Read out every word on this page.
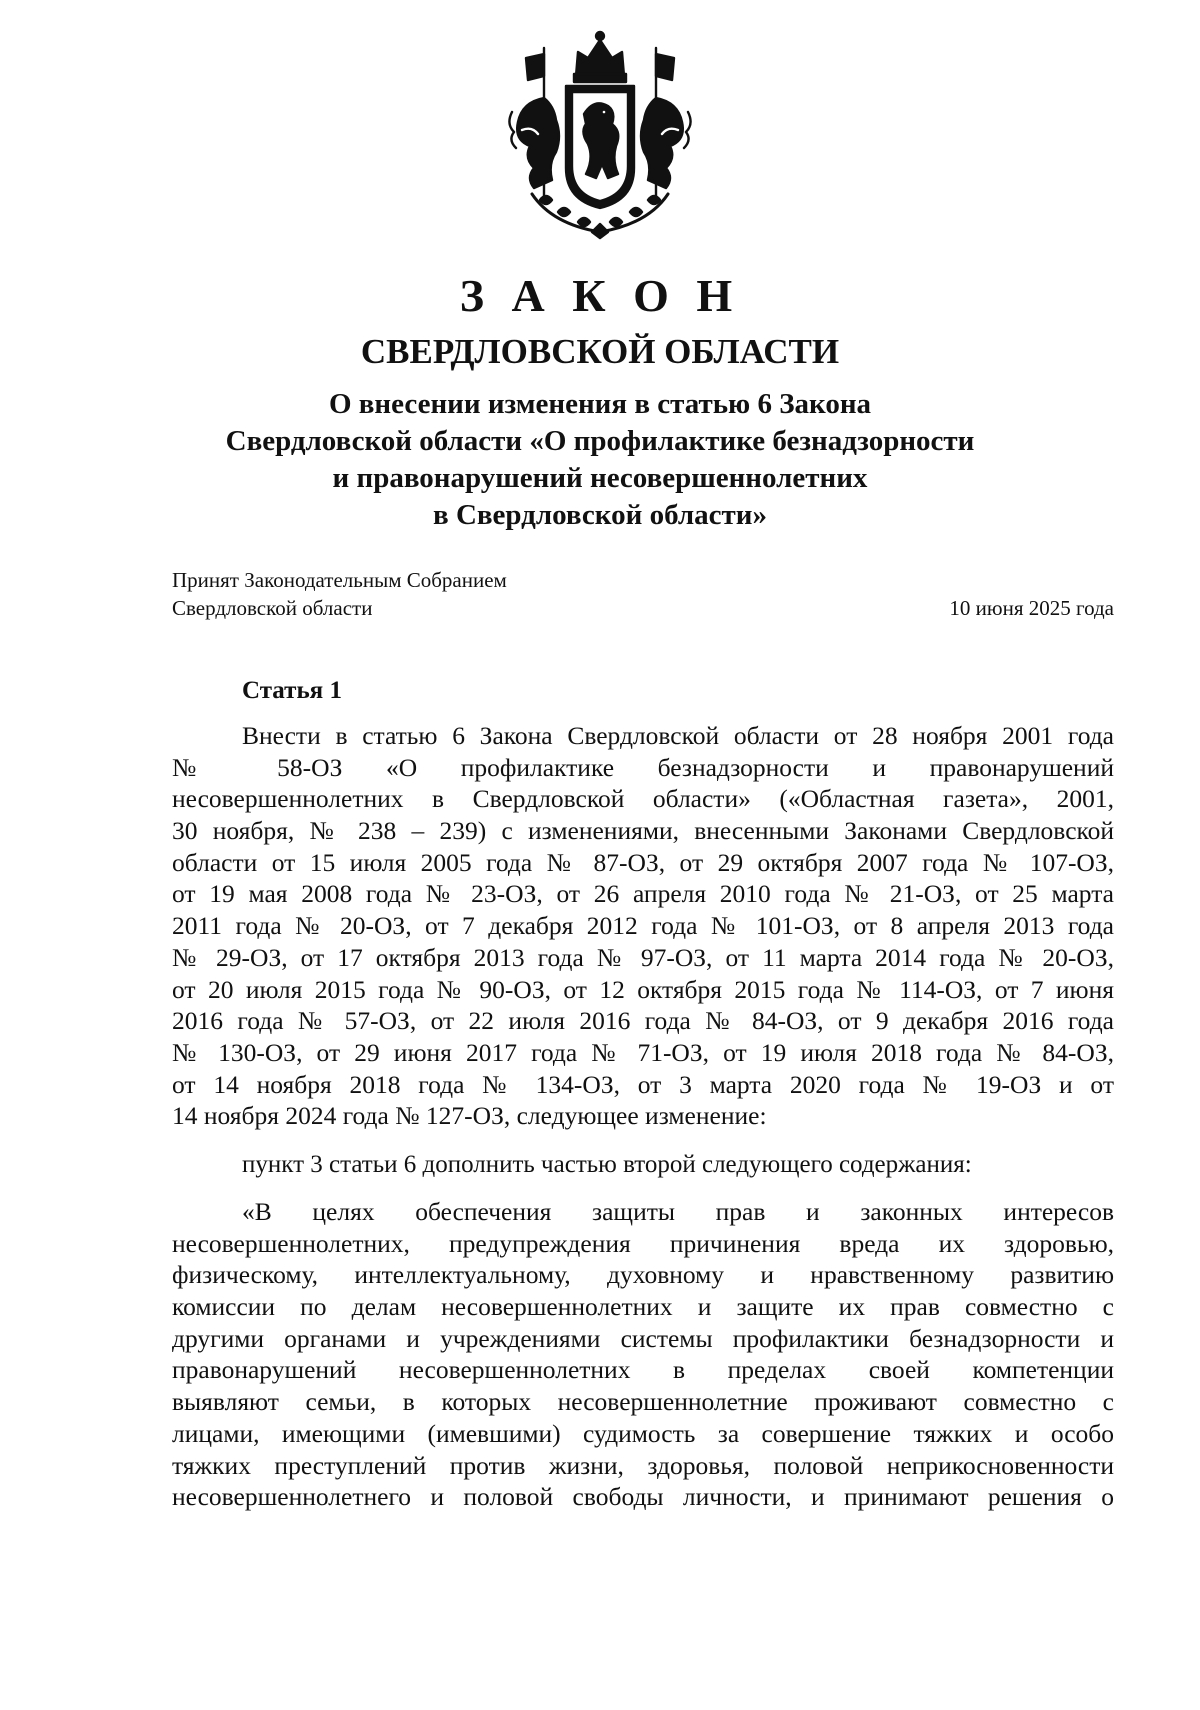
З А К О Н
СВЕРДЛОВСКОЙ ОБЛАСТИ
О внесении изменения в статью 6 Закона
Свердловской области «О профилактике безнадзорности
и правонарушений несовершеннолетних
в Свердловской области»
Принят Законодательным Собранием
Свердловской области	10 июня 2025 года
Статья 1
Внести в статью 6 Закона Свердловской области от 28 ноября 2001 года
№ 58-ОЗ «О профилактике безнадзорности и правонарушений
несовершеннолетних в Свердловской области» («Областная газета», 2001,
30 ноября, № 238 – 239) с изменениями, внесенными Законами Свердловской
области от 15 июля 2005 года № 87-ОЗ, от 29 октября 2007 года № 107-ОЗ,
от 19 мая 2008 года № 23-ОЗ, от 26 апреля 2010 года № 21-ОЗ, от 25 марта
2011 года № 20-ОЗ, от 7 декабря 2012 года № 101-ОЗ, от 8 апреля 2013 года
№ 29-ОЗ, от 17 октября 2013 года № 97-ОЗ, от 11 марта 2014 года № 20-ОЗ,
от 20 июля 2015 года № 90-ОЗ, от 12 октября 2015 года № 114-ОЗ, от 7 июня
2016 года № 57-ОЗ, от 22 июля 2016 года № 84-ОЗ, от 9 декабря 2016 года
№ 130-ОЗ, от 29 июня 2017 года № 71-ОЗ, от 19 июля 2018 года № 84-ОЗ,
от 14 ноября 2018 года № 134-ОЗ, от 3 марта 2020 года № 19-ОЗ и от
14 ноября 2024 года № 127-ОЗ, следующее изменение:
пункт 3 статьи 6 дополнить частью второй следующего содержания:
«В целях обеспечения защиты прав и законных интересов
несовершеннолетних, предупреждения причинения вреда их здоровью,
физическому, интеллектуальному, духовному и нравственному развитию
комиссии по делам несовершеннолетних и защите их прав совместно с
другими органами и учреждениями системы профилактики безнадзорности и
правонарушений несовершеннолетних в пределах своей компетенции
выявляют семьи, в которых несовершеннолетние проживают совместно с
лицами, имеющими (имевшими) судимость за совершение тяжких и особо
тяжких преступлений против жизни, здоровья, половой неприкосновенности
несовершеннолетнего и половой свободы личности, и принимают решения о
